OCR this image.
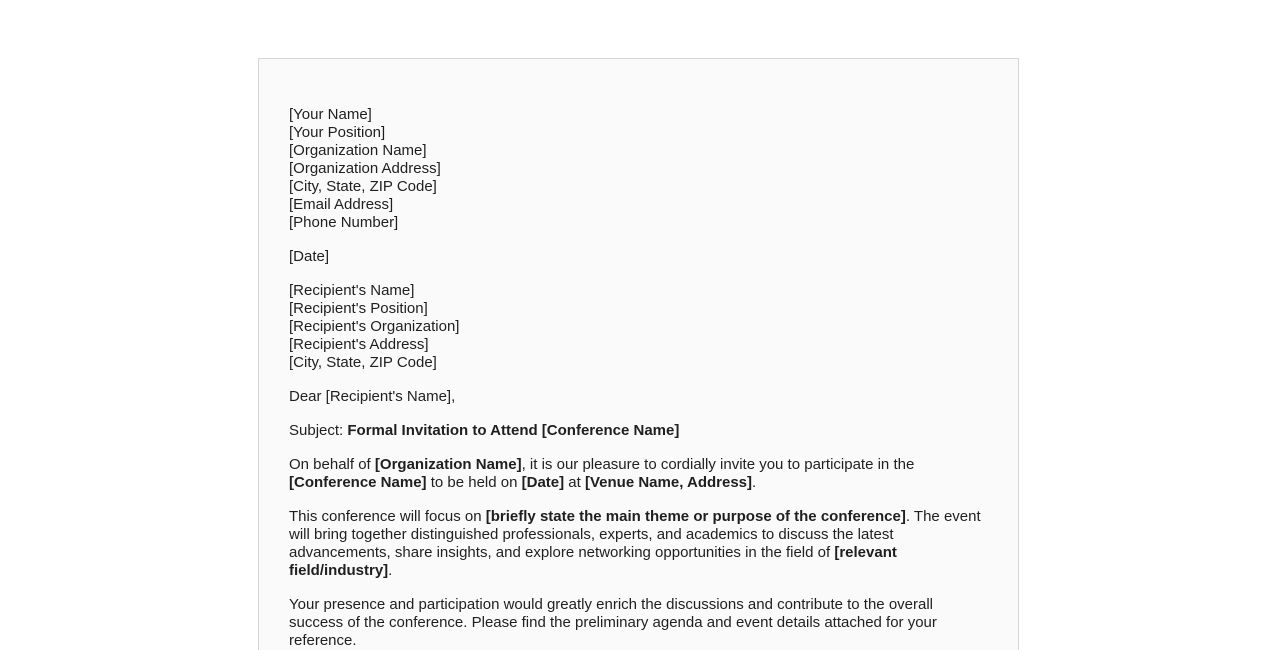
[Your Name]
[Your Position]
[Organization Name]
[Organization Address]
[City, State, ZIP Code]
[Email Address]
[Phone Number]

[Date]

[Recipient's Name]
[Recipient's Position]
[Recipient's Organization]
[Recipient's Address]
[City, State, ZIP Code]

Dear [Recipient's Name],

Subject: Formal Invitation to Attend [Conference Name]

On behalf of [Organization Name], it is our pleasure to cordially invite you to participate in the [Conference Name] to be held on [Date] at [Venue Name, Address].

This conference will focus on [briefly state the main theme or purpose of the conference]. The event will bring together distinguished professionals, experts, and academics to discuss the latest advancements, share insights, and explore networking opportunities in the field of [relevant field/industry].

Your presence and participation would greatly enrich the discussions and contribute to the overall success of the conference. Please find the preliminary agenda and event details attached for your reference.
